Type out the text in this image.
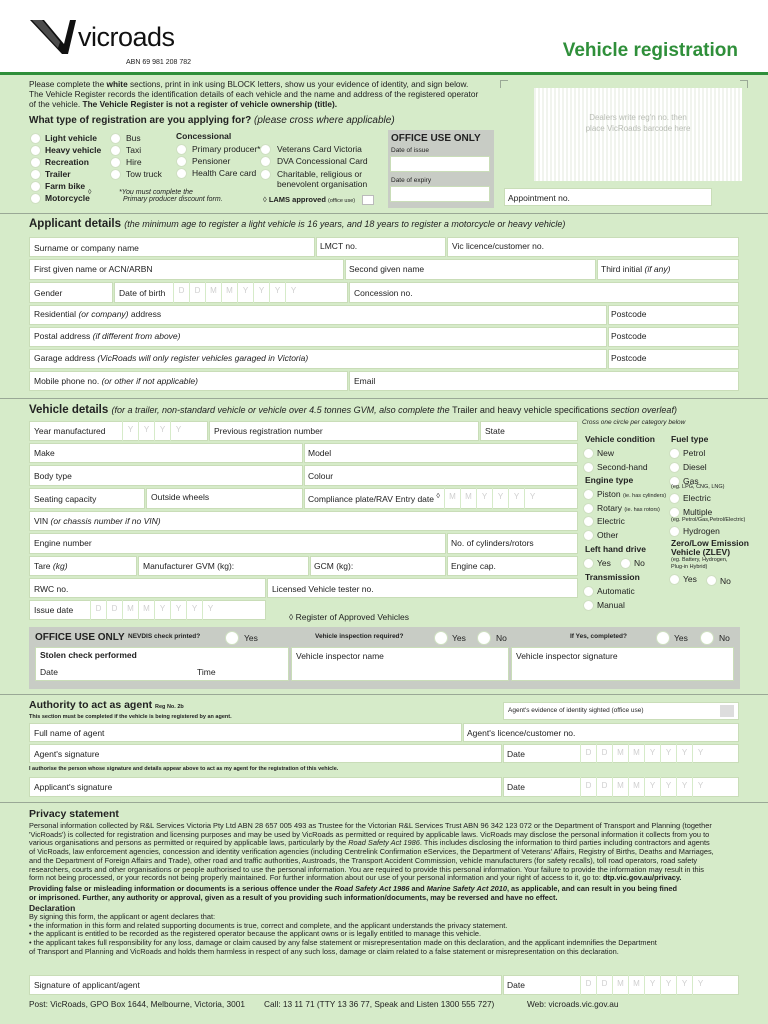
vicroads
ABN 69 981 208 782
Vehicle registration
Please complete the white sections, print in ink using BLOCK letters, show us your evidence of identity, and sign below.
The Vehicle Register records the identification details of each vehicle and the name and address of the registered operator
of the vehicle. The Vehicle Register is not a register of vehicle ownership (title).
What type of registration are you applying for? (please cross where applicable)
Light vehicle
Heavy vehicle
Recreation
Trailer
Farm bike
Motorcycle
◊
Bus
Taxi
Hire
Tow truck
Concessional
Primary producer*
Pensioner
Health Care card
Veterans Card Victoria
DVA Concessional Card
Charitable, religious or
benevolent organisation
*You must complete the
Primary producer discount form.	◊ LAMS approved (office use)
OFFICE USE ONLY
Date of issue
Date of expiry
Dealers write reg'n no. then
place VicRoads barcode here
Appointment no.
Applicant details (the minimum age to register a light vehicle is 16 years, and 18 years to register a motorcycle or heavy vehicle)
Surname or company name	LMCT no.	Vic licence/customer no.
First given name or ACN/ARBN	Second given name	Third initial (if any)
Gender	Date of birth	D	D	M	M	Y	Y	Y	Y	Concession no.
Residential (or company) address	Postcode
Postal address (if different from above)	Postcode
Garage address (VicRoads will only register vehicles garaged in Victoria)	Postcode
Mobile phone no. (or other if not applicable)	Email
Vehicle details (for a trailer, non-standard vehicle or vehicle over 4.5 tonnes GVM, also complete the Trailer and heavy vehicle specifications section overleaf)
Year manufactured	Y	Y	Y	Y	Previous registration number	State
Make	Model
Body type	Colour
Seating capacity	Outside wheels	Compliance plate/RAV Entry date ◊	M	M	Y	Y	Y	Y
VIN (or chassis number if no VIN)
Engine number	No. of cylinders/rotors
Tare (kg)	Manufacturer GVM (kg):	GCM (kg):	Engine cap.
RWC no.	Licensed Vehicle tester no.
Issue date	D	D	M	M	Y	Y	Y	Y
◊ Register of Approved Vehicles
Cross one circle per category below
Vehicle condition
New
Second-hand
Engine type
Piston (ie. has cylinders)
Rotary (ie. has rotors)
Electric
Other
Left hand drive
Yes	No
Transmission
Automatic
Manual
Fuel type
Petrol
Diesel
Gas
(eg. LPG, CNG, LNG)
Electric
Multiple
(eg. Petrol/Gas,Petrol/Electric)
Hydrogen
Zero/Low Emission
Vehicle (ZLEV)
(eg. Battery, Hydrogen,
Plug-in Hybrid)
Yes	No
OFFICE USE ONLY NEVDIS check printed?	Yes	Vehicle inspection required?	Yes	No	If Yes, completed?	Yes	No
Stolen check performed
Date	Time
Vehicle inspector name	Vehicle inspector signature
Authority to act as agent Reg No. 2b
This section must be completed if the vehicle is being registered by an agent.
Agent's evidence of identity sighted (office use)
Full name of agent	Agent's licence/customer no.
Agent's signature	Date	D	D	M	M	Y	Y	Y	Y
I authorise the person whose signature and details appear above to act as my agent for the registration of this vehicle.
Applicant's signature	Date	D	D	M	M	Y	Y	Y	Y
Privacy statement
Personal information collected by R&L Services Victoria Pty Ltd ABN 28 657 005 493 as Trustee for the Victorian R&L Services Trust ABN 96 342 123 072 or the Department of Transport and Planning (together
'VicRoads') is collected for registration and licensing purposes and may be used by VicRoads as permitted or required by applicable laws. VicRoads may disclose the personal information it collects from you to
various organisations and persons as permitted or required by applicable laws, particularly by the Road Safety Act 1986. This includes disclosing the information to third parties including contractors and agents
of VicRoads, law enforcement agencies, concession and identity verification agencies (including Centrelink Confirmation eServices, the Department of Veterans' Affairs, Registry of Births, Deaths and Marriages,
and the Department of Foreign Affairs and Trade), other road and traffic authorities, Austroads, the Transport Accident Commission, vehicle manufacturers (for safety recalls), toll road operators, road safety
researchers, courts and other organisations or people authorised to use the personal information. You are required to provide this personal information. Your failure to provide the information may result in this
form not being processed, or your records not being properly maintained. For further information about our use of your personal information and your right of access to it, go to: dtp.vic.gov.au/privacy.
Providing false or misleading information or documents is a serious offence under the Road Safety Act 1986 and Marine Safety Act 2010, as applicable, and can result in you being fined
or imprisoned. Further, any authority or approval, given as a result of you providing such information/documents, may be reversed and have no effect.
Declaration
By signing this form, the applicant or agent declares that:
• the information in this form and related supporting documents is true, correct and complete, and the applicant understands the privacy statement.
• the applicant is entitled to be recorded as the registered operator because the applicant owns or is legally entitled to manage this vehicle.
• the applicant takes full responsibility for any loss, damage or claim caused by any false statement or misrepresentation made on this declaration, and the applicant indemnifies the Department
of Transport and Planning and VicRoads and holds them harmless in respect of any such loss, damage or claim related to a false statement or misrepresentation on this declaration.
Signature of applicant/agent	Date	D	D	M	M	Y	Y	Y	Y
Post: VicRoads, GPO Box 1644, Melbourne, Victoria, 3001 Call: 13 11 71 (TTY 13 36 77, Speak and Listen 1300 555 727)	Web: vicroads.vic.gov.au
